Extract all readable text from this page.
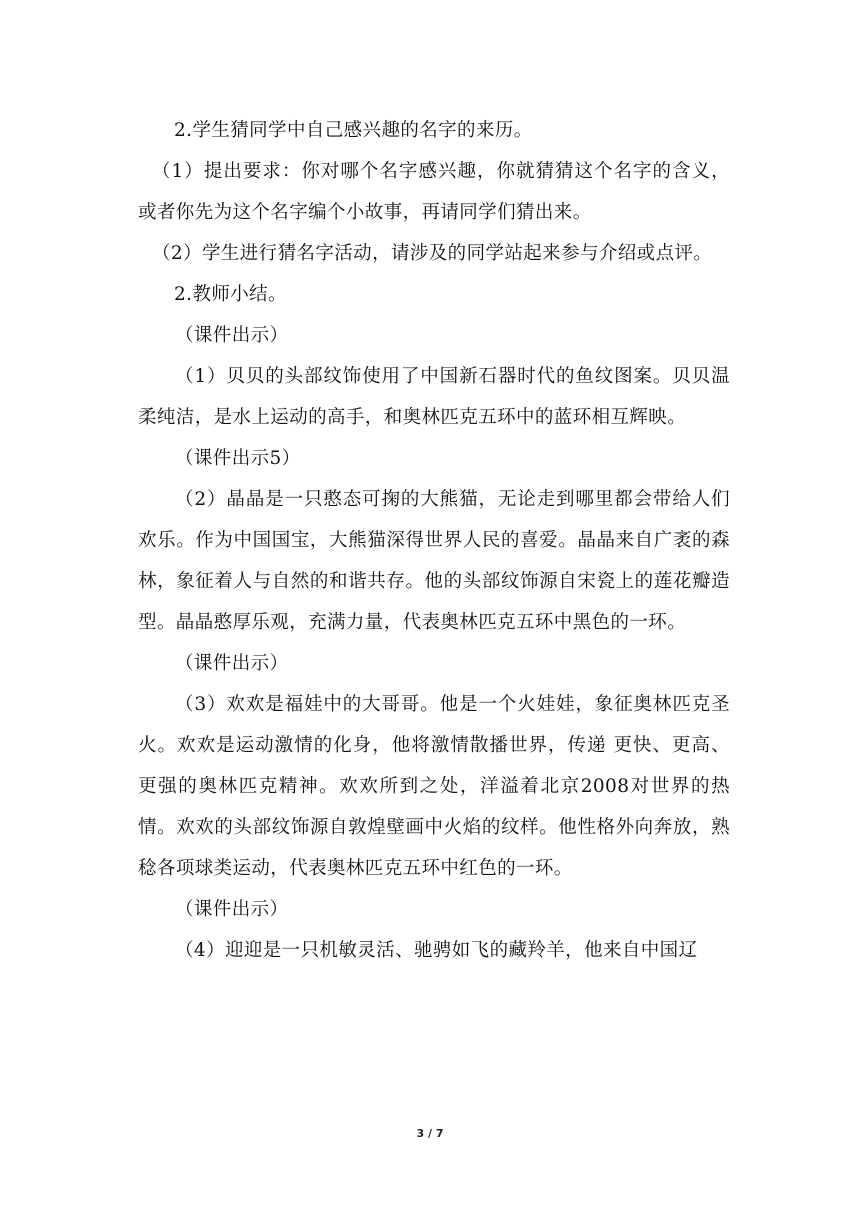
2.学生猜同学中自己感兴趣的名字的来历。

（1）提出要求：你对哪个名字感兴趣，你就猜猜这个名字的含义，或者你先为这个名字编个小故事，再请同学们猜出来。

（2）学生进行猜名字活动，请涉及的同学站起来参与介绍或点评。

2.教师小结。

（课件出示）

（1）贝贝的头部纹饰使用了中国新石器时代的鱼纹图案。贝贝温柔纯洁，是水上运动的高手，和奥林匹克五环中的蓝环相互辉映。

（课件出示5）

（2）晶晶是一只憨态可掬的大熊猫，无论走到哪里都会带给人们欢乐。作为中国国宝，大熊猫深得世界人民的喜爱。晶晶来自广袤的森林，象征着人与自然的和谐共存。他的头部纹饰源自宋瓷上的莲花瓣造型。晶晶憨厚乐观，充满力量，代表奥林匹克五环中黑色的一环。

（课件出示）

（3）欢欢是福娃中的大哥哥。他是一个火娃娃，象征奥林匹克圣火。欢欢是运动激情的化身，他将激情散播世界，传递 更快、更高、更强的奥林匹克精神。欢欢所到之处，洋溢着北京2008对世界的热情。欢欢的头部纹饰源自敦煌壁画中火焰的纹样。他性格外向奔放，熟稔各项球类运动，代表奥林匹克五环中红色的一环。

（课件出示）

（4）迎迎是一只机敏灵活、驰骋如飞的藏羚羊，他来自中国辽

3 / 7
